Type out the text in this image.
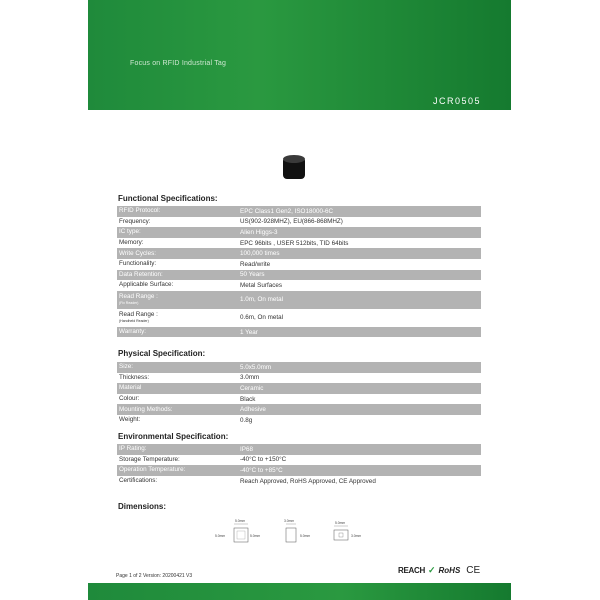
Focus on RFID Industrial Tag
JCR0505
Functional Specifications:
RFID Protocol:	EPC Class1 Gen2, ISO18000-6C
Frequency:	US(902-928MHZ), EU(866-868MHZ)
IC type:	Alien Higgs-3
Memory:	EPC 96bits , USER 512bits, TID 64bits
Write Cycles:	100,000 times
Functionality:	Read/write
Data Retention:	50 Years
Applicable Surface:	Metal Surfaces
Read Range :
(Fix Reader)	1.0m, On metal
Read Range :
(Handheld Reader)	0.6m, On metal
Warranty:	1 Year
Physical Specification:
Size:	5.0x5.0mm
Thickness:	3.0mm
Material	Ceramic
Colour:	Black
Mounting Methods:	Adhesive
Weight:	0.8g
Environmental Specification:
IP Rating:	IP68
Storage Temperature:	-40°C to +150°C
Operation Temperature:	-40°C to +85°C
Certifications:	Reach Approved, RoHS Approved, CE Approved
Dimensions:
5.0mm
5.0mm	5.0mm
3.0mm
5.0mm
5.0mm
3.0mm
Page 1 of 2 Version: 20200421 V3
REACH ✓ RoHS CE
